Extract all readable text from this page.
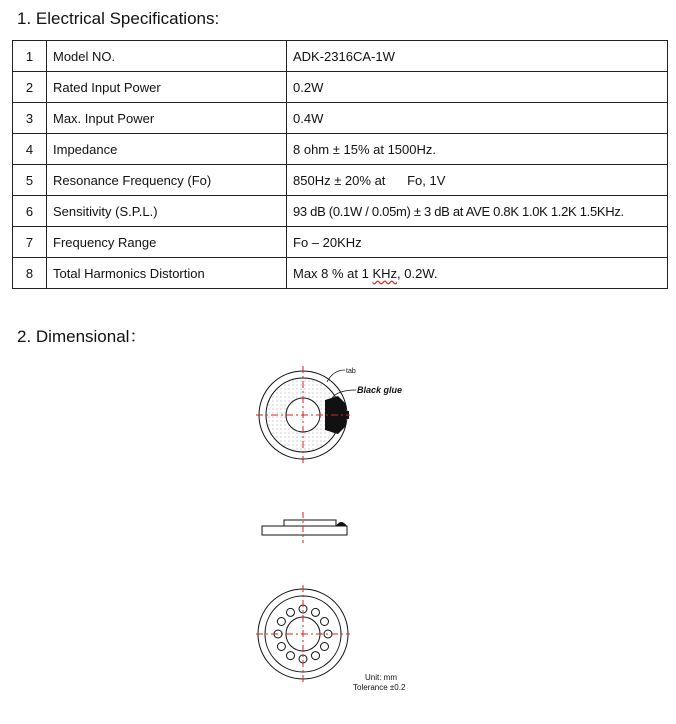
1. Electrical Specifications:
1	Model NO.	ADK-2316CA-1W
2	Rated Input Power	0.2W
3	Max. Input Power	0.4W
4	Impedance	8 ohm ± 15% at 1500Hz.
5	Resonance Frequency (Fo)	850Hz ± 20% at      Fo, 1V
6	Sensitivity (S.P.L.)	93 dB (0.1W / 0.05m) ± 3 dB at AVE 0.8K 1.0K 1.2K 1.5KHz.
7	Frequency Range	Fo – 20KHz
8	Total Harmonics Distortion	Max 8 % at 1 KHz, 0.2W.
2. Dimensional：
tab
Black glue
Unit: mm
Tolerance ±0.2
